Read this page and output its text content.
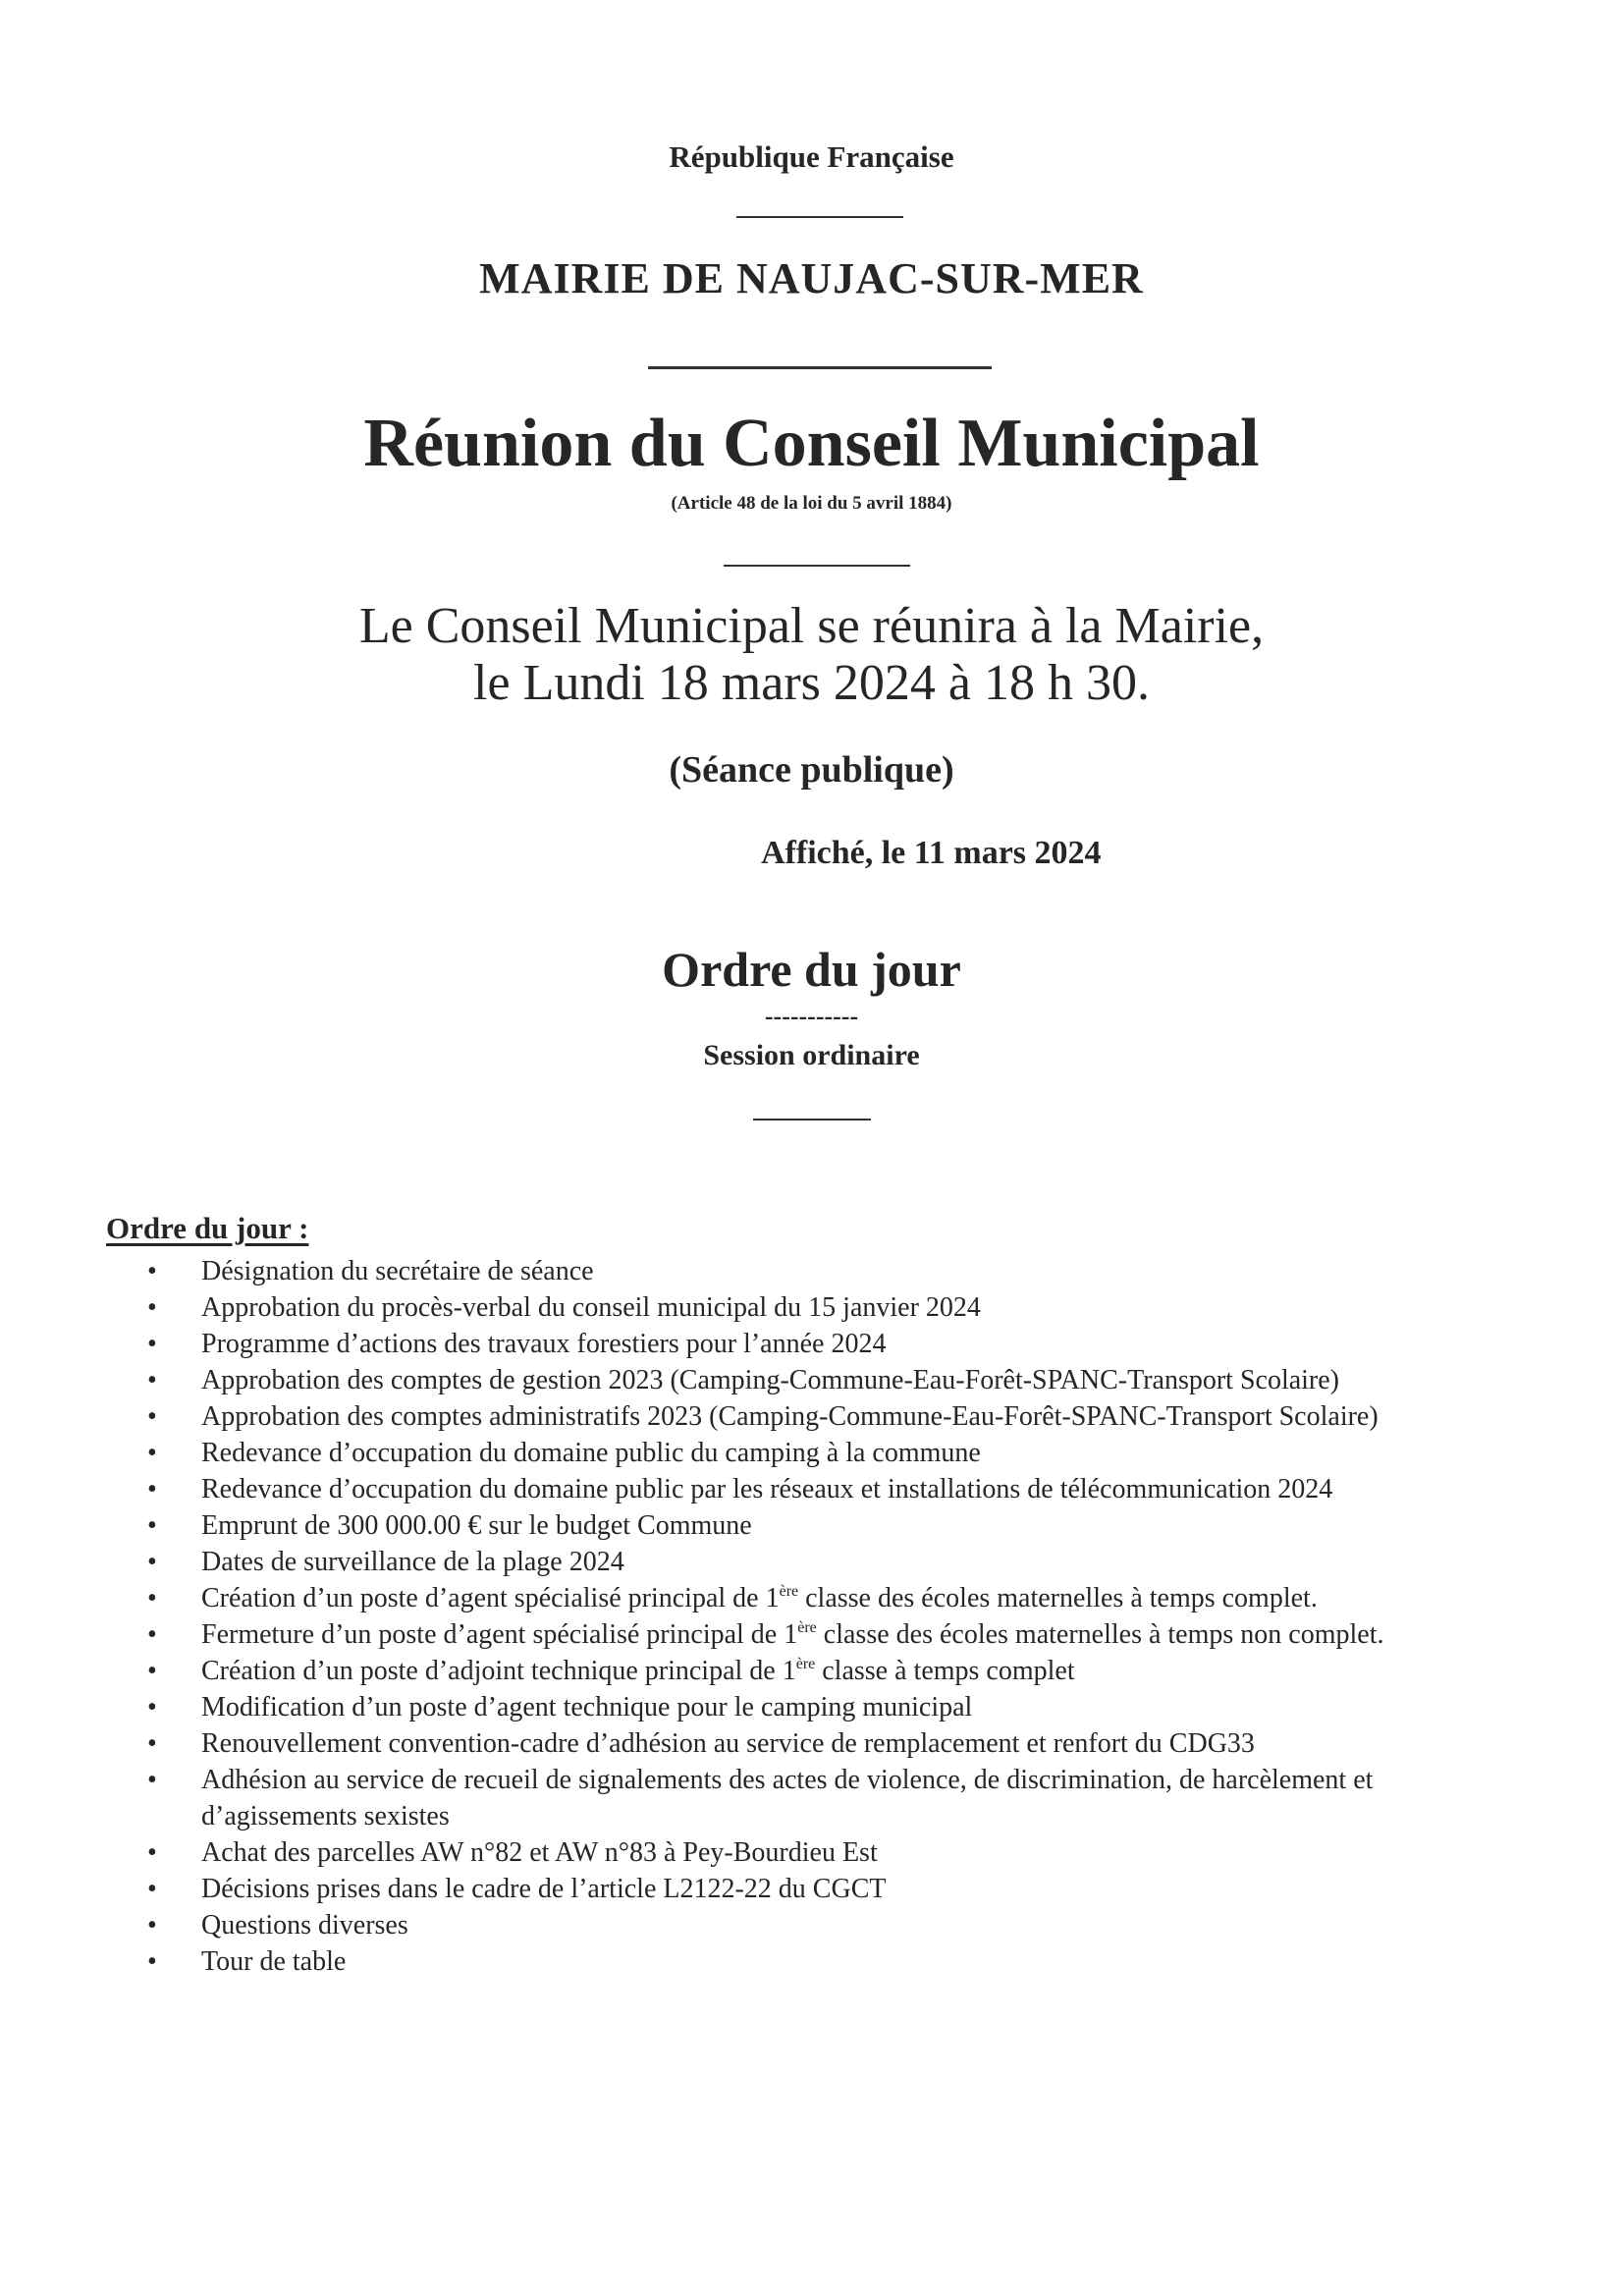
République Française
MAIRIE DE NAUJAC-SUR-MER
Réunion du Conseil Municipal
(Article 48 de la loi du 5 avril 1884)
Le Conseil Municipal se réunira à la Mairie,
le Lundi 18 mars 2024 à 18 h 30.
(Séance publique)
Affiché, le 11 mars 2024
Ordre du jour
-----------
Session ordinaire
Ordre du jour :
• Désignation du secrétaire de séance
• Approbation du procès-verbal du conseil municipal du 15 janvier 2024
• Programme d’actions des travaux forestiers pour l’année 2024
• Approbation des comptes de gestion 2023 (Camping-Commune-Eau-Forêt-SPANC-Transport Scolaire)
• Approbation des comptes administratifs 2023 (Camping-Commune-Eau-Forêt-SPANC-Transport Scolaire)
• Redevance d’occupation du domaine public du camping à la commune
• Redevance d’occupation du domaine public par les réseaux et installations de télécommunication 2024
• Emprunt de 300 000.00 € sur le budget Commune
• Dates de surveillance de la plage 2024
• Création d’un poste d’agent spécialisé principal de 1ère classe des écoles maternelles à temps complet.
• Fermeture d’un poste d’agent spécialisé principal de 1ère classe des écoles maternelles à temps non complet.
• Création d’un poste d’adjoint technique principal de 1ère classe à temps complet
• Modification d’un poste d’agent technique pour le camping municipal
• Renouvellement convention-cadre d’adhésion au service de remplacement et renfort du CDG33
• Adhésion au service de recueil de signalements des actes de violence, de discrimination, de harcèlement et d’agissements sexistes
• Achat des parcelles AW n°82 et AW n°83 à Pey-Bourdieu Est
• Décisions prises dans le cadre de l’article L2122-22 du CGCT
• Questions diverses
• Tour de table
